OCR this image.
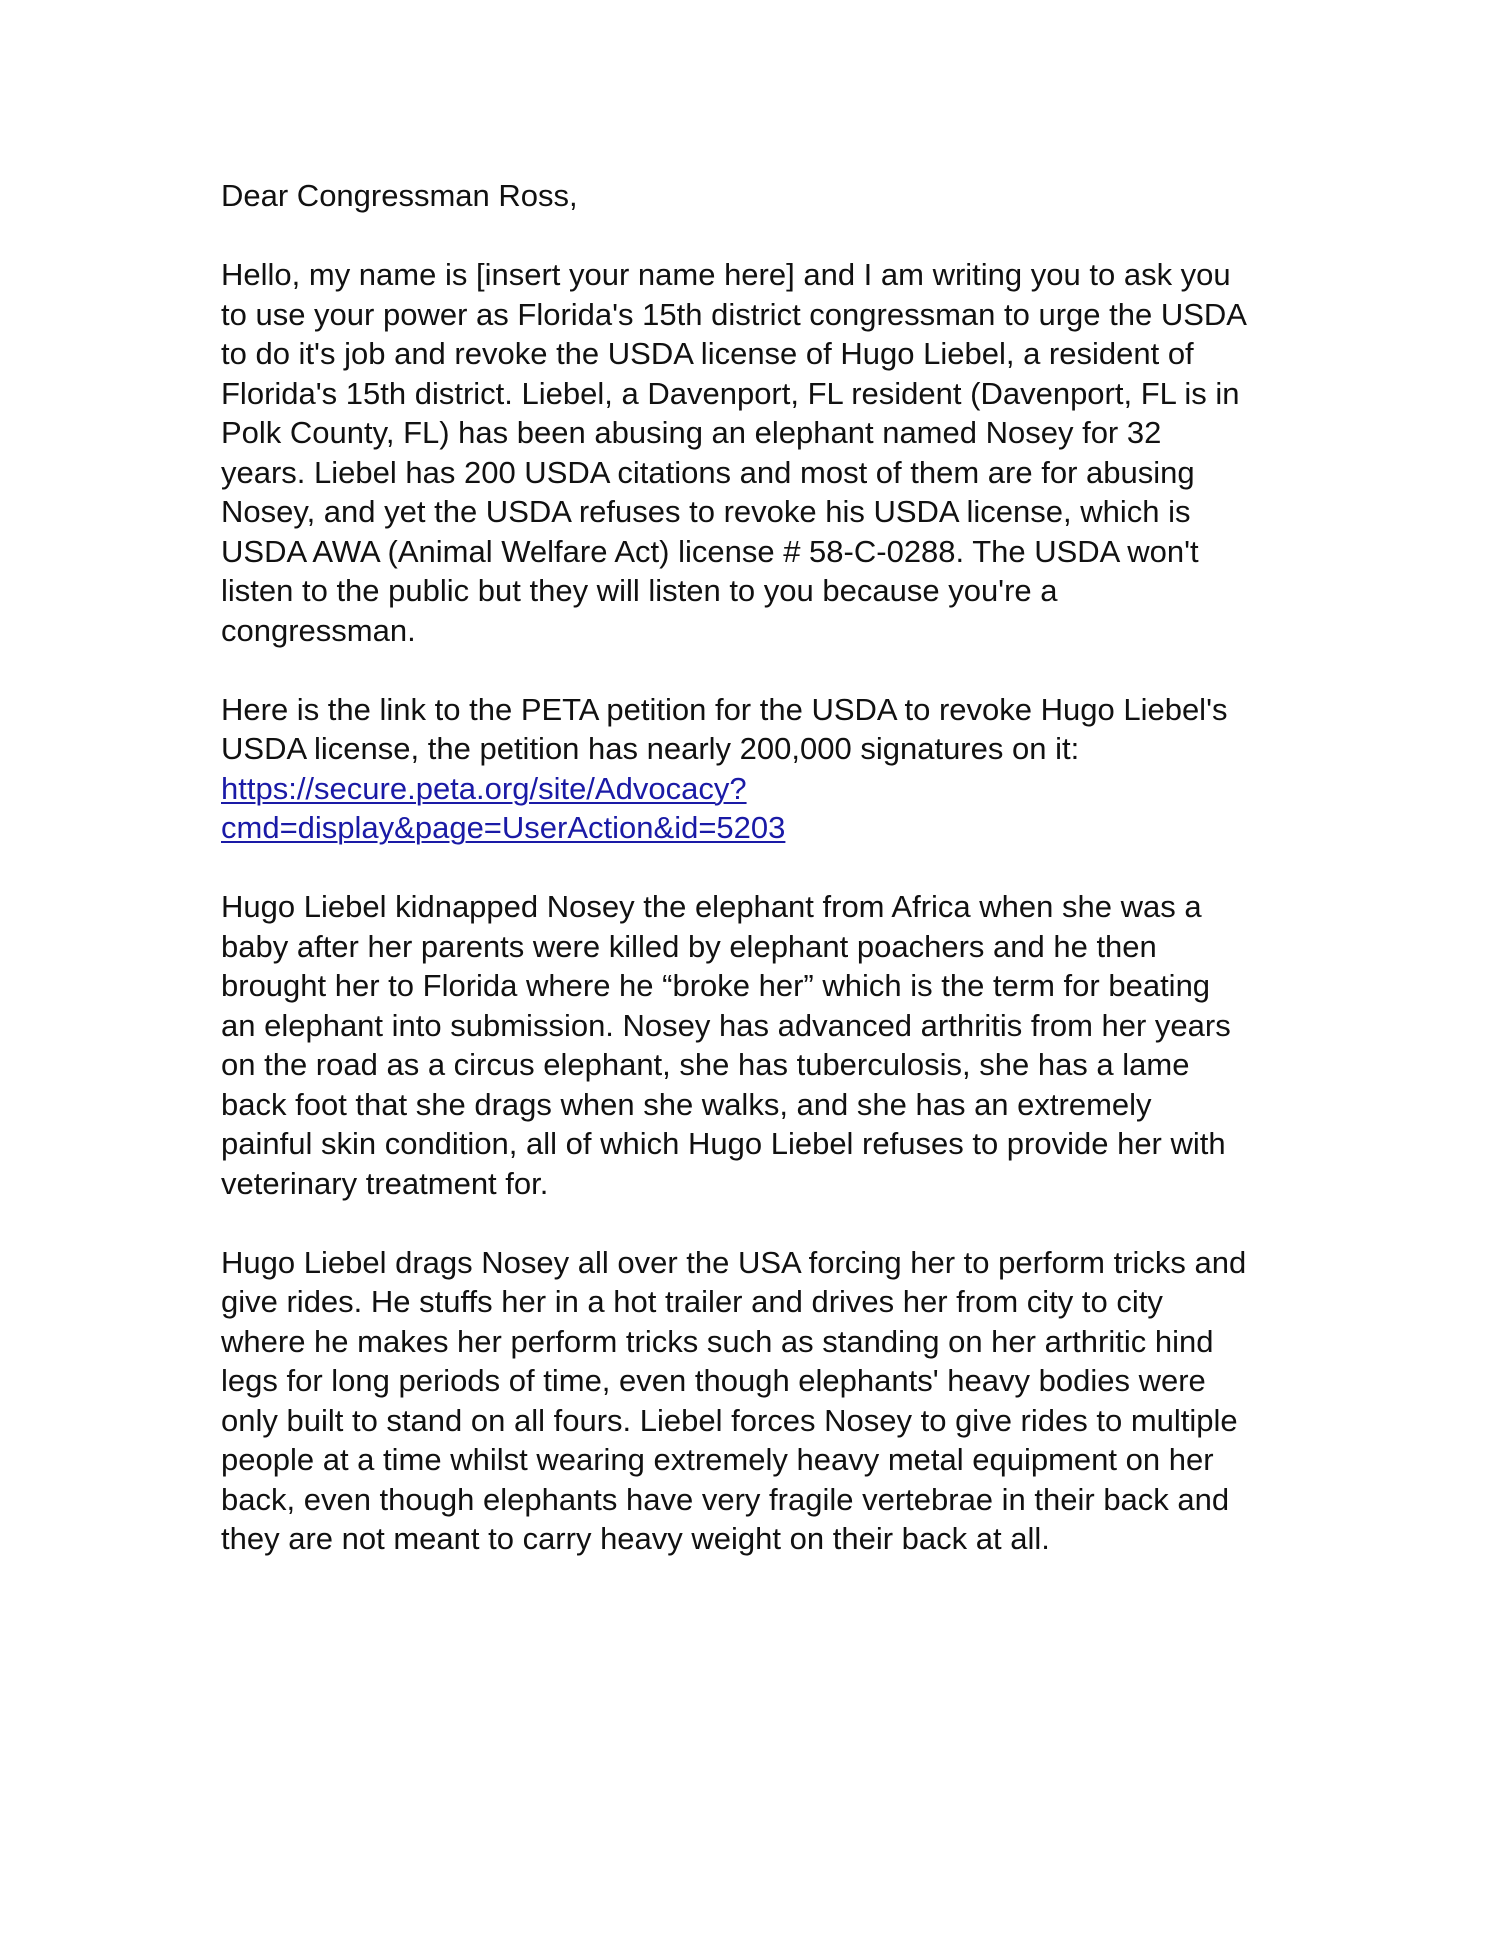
Dear Congressman Ross,
Hello, my name is [insert your name here] and I am writing you to ask you
to use your power as Florida's 15th district congressman to urge the USDA
to do it's job and revoke the USDA license of Hugo Liebel, a resident of
Florida's 15th district. Liebel, a Davenport, FL resident (Davenport, FL is in
Polk County, FL) has been abusing an elephant named Nosey for 32
years. Liebel has 200 USDA citations and most of them are for abusing
Nosey, and yet the USDA refuses to revoke his USDA license, which is
USDA AWA (Animal Welfare Act) license # 58-C-0288. The USDA won't
listen to the public but they will listen to you because you're a
congressman.
Here is the link to the PETA petition for the USDA to revoke Hugo Liebel's
USDA license, the petition has nearly 200,000 signatures on it:
https://secure.peta.org/site/Advocacy?
cmd=display&page=UserAction&id=5203
Hugo Liebel kidnapped Nosey the elephant from Africa when she was a
baby after her parents were killed by elephant poachers and he then
brought her to Florida where he “broke her” which is the term for beating
an elephant into submission. Nosey has advanced arthritis from her years
on the road as a circus elephant, she has tuberculosis, she has a lame
back foot that she drags when she walks, and she has an extremely
painful skin condition, all of which Hugo Liebel refuses to provide her with
veterinary treatment for.
Hugo Liebel drags Nosey all over the USA forcing her to perform tricks and
give rides. He stuffs her in a hot trailer and drives her from city to city
where he makes her perform tricks such as standing on her arthritic hind
legs for long periods of time, even though elephants' heavy bodies were
only built to stand on all fours. Liebel forces Nosey to give rides to multiple
people at a time whilst wearing extremely heavy metal equipment on her
back, even though elephants have very fragile vertebrae in their back and
they are not meant to carry heavy weight on their back at all.
